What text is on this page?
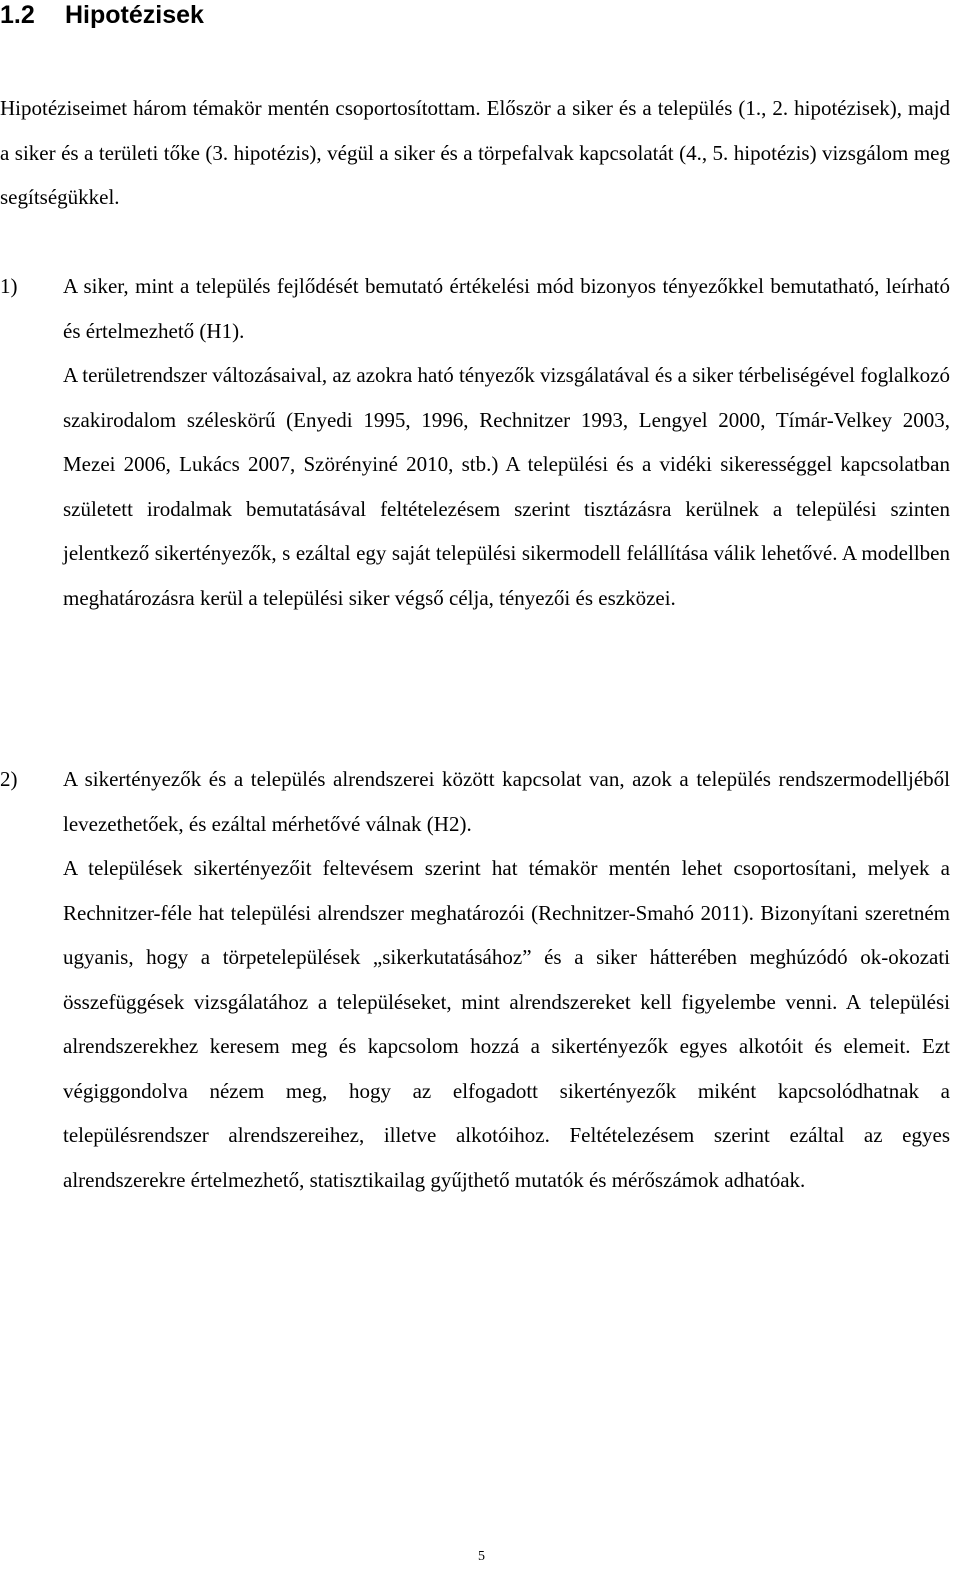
1.2 Hipotézisek

Hipotéziseimet három témakör mentén csoportosítottam. Először a siker és a település (1., 2. hipotézisek), majd a siker és a területi tőke (3. hipotézis), végül a siker és a törpefalvak kapcsolatát (4., 5. hipotézis) vizsgálom meg segítségükkel.

1) A siker, mint a település fejlődését bemutató értékelési mód bizonyos tényezőkkel bemutatható, leírható és értelmezhető (H1).

A területrendszer változásaival, az azokra ható tényezők vizsgálatával és a siker térbeliségével foglalkozó szakirodalom széleskörű (Enyedi 1995, 1996, Rechnitzer 1993, Lengyel 2000, Tímár-Velkey 2003, Mezei 2006, Lukács 2007, Szörényiné 2010, stb.) A települési és a vidéki sikerességgel kapcsolatban született irodalmak bemutatásával feltételezésem szerint tisztázásra kerülnek a települési szinten jelentkező sikertényezők, s ezáltal egy saját települési sikermodell felállítása válik lehetővé. A modellben meghatározásra kerül a települési siker végső célja, tényezői és eszközei.

2) A sikertényezők és a település alrendszerei között kapcsolat van, azok a település rendszermodelljéből levezethetőek, és ezáltal mérhetővé válnak (H2).

A települések sikertényezőit feltevésem szerint hat témakör mentén lehet csoportosítani, melyek a Rechnitzer-féle hat települési alrendszer meghatározói (Rechnitzer-Smahó 2011). Bizonyítani szeretném ugyanis, hogy a törpetelepülések „sikerkutatásához” és a siker hátterében meghúzódó ok-okozati összefüggések vizsgálatához a településeket, mint alrendszereket kell figyelembe venni. A települési alrendszerekhez keresem meg és kapcsolom hozzá a sikertényezők egyes alkotóit és elemeit. Ezt végiggondolva nézem meg, hogy az elfogadott sikertényezők miként kapcsolódhatnak a településrendszer alrendszereihez, illetve alkotóihoz. Feltételezésem szerint ezáltal az egyes alrendszerekre értelmezhető, statisztikailag gyűjthető mutatók és mérőszámok adhatóak.

5
